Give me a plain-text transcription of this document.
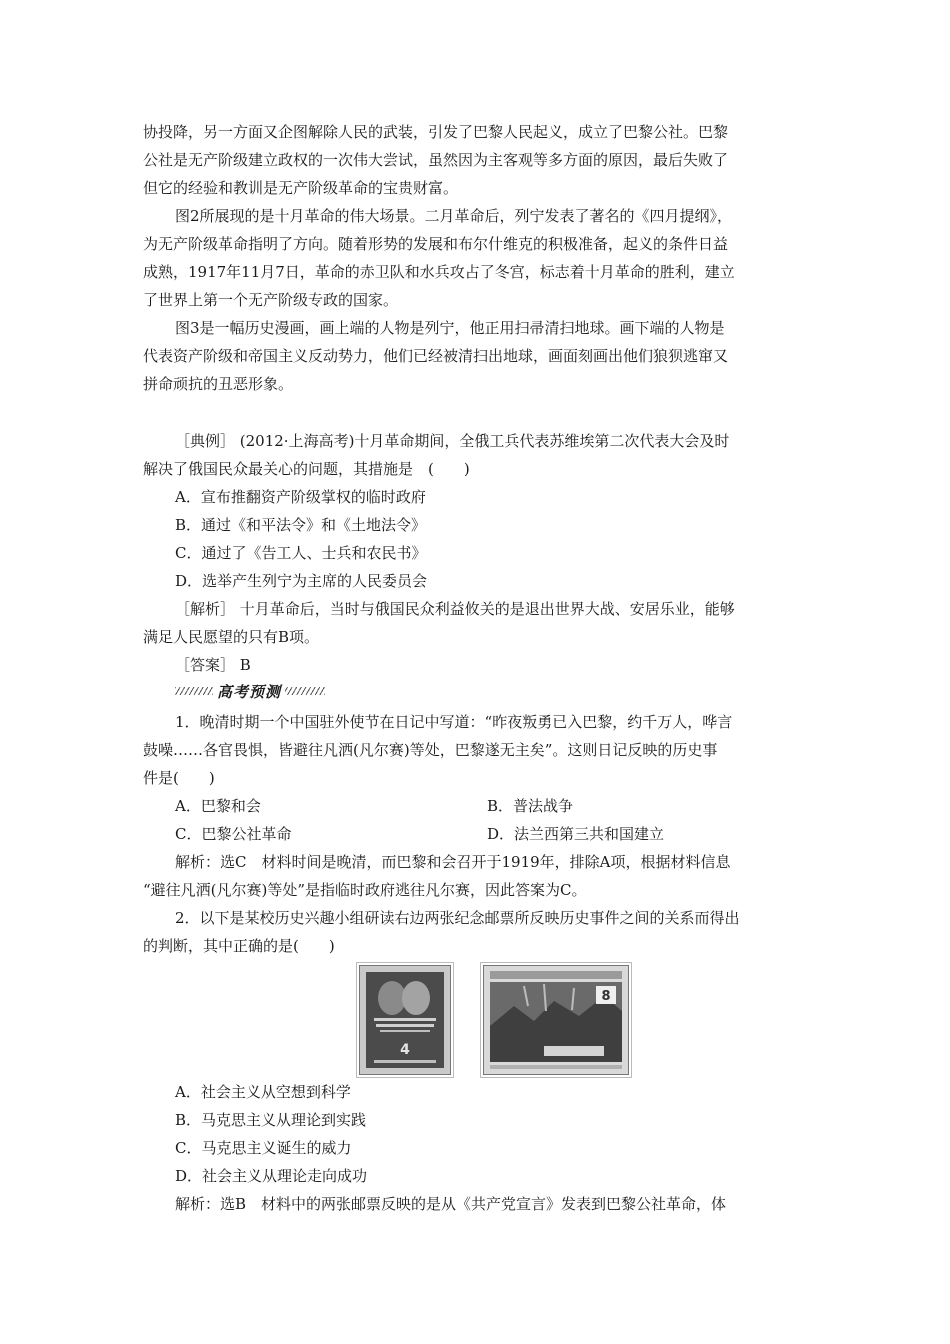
协投降，另一方面又企图解除人民的武装，引发了巴黎人民起义，成立了巴黎公社。巴黎
公社是无产阶级建立政权的一次伟大尝试，虽然因为主客观等多方面的原因，最后失败了
但它的经验和教训是无产阶级革命的宝贵财富。
图2所展现的是十月革命的伟大场景。二月革命后，列宁发表了著名的《四月提纲》，
为无产阶级革命指明了方向。随着形势的发展和布尔什维克的积极准备，起义的条件日益
成熟，1917年11月7日，革命的赤卫队和水兵攻占了冬宫，标志着十月革命的胜利，建立
了世界上第一个无产阶级专政的国家。
图3是一幅历史漫画，画上端的人物是列宁，他正用扫帚清扫地球。画下端的人物是
代表资产阶级和帝国主义反动势力，他们已经被清扫出地球，画面刻画出他们狼狈逃窜又
拼命顽抗的丑恶形象。
［典例］ (2012·上海高考)十月革命期间，全俄工兵代表苏维埃第二次代表大会及时
解决了俄国民众最关心的问题，其措施是　(　　)
A．宣布推翻资产阶级掌权的临时政府
B．通过《和平法令》和《土地法令》
C．通过了《告工人、士兵和农民书》
D．选举产生列宁为主席的人民委员会
［解析］ 十月革命后，当时与俄国民众利益攸关的是退出世界大战、安居乐业，能够
满足人民愿望的只有B项。
［答案］ B
高考预测
1．晚清时期一个中国驻外使节在日记中写道：“昨夜叛勇已入巴黎，约千万人，哗言
鼓噪……各官畏惧，皆避往凡洒(凡尔赛)等处，巴黎遂无主矣”。这则日记反映的历史事
件是(　　)
A．巴黎和会	B．普法战争
C．巴黎公社革命	D．法兰西第三共和国建立
解析：选C　材料时间是晚清，而巴黎和会召开于1919年，排除A项，根据材料信息
“避往凡洒(凡尔赛)等处”是指临时政府逃往凡尔赛，因此答案为C。
2．以下是某校历史兴趣小组研读右边两张纪念邮票所反映历史事件之间的关系而得出
的判断，其中正确的是(　　)
4
8
A．社会主义从空想到科学
B．马克思主义从理论到实践
C．马克思主义诞生的威力
D．社会主义从理论走向成功
解析：选B　材料中的两张邮票反映的是从《共产党宣言》发表到巴黎公社革命，体
